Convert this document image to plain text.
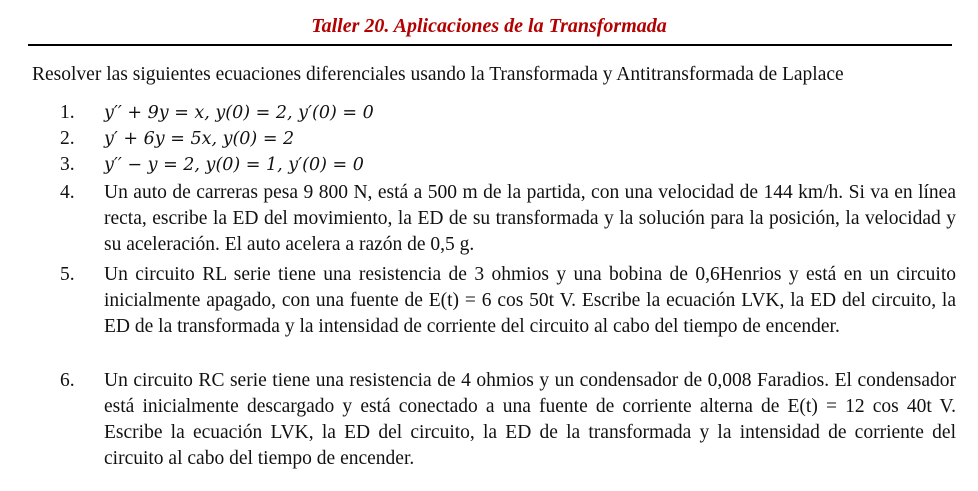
Taller 20. Aplicaciones de la Transformada
Resolver las siguientes ecuaciones diferenciales usando la Transformada y Antitransformada de Laplace
1.	y′′ + 9y = x, y(0) = 2, y′(0) = 0
2.	y′ + 6y = 5x, y(0) = 2
3.	y′′ − y = 2, y(0) = 1, y′(0) = 0
4.	Un auto de carreras pesa 9 800 N, está a 500 m de la partida, con una velocidad de 144 km/h. Si va en línea recta, escribe la ED del movimiento, la ED de su transformada y la solución para la posición, la velocidad y su aceleración. El auto acelera a razón de 0,5 g.
5.	Un circuito RL serie tiene una resistencia de 3 ohmios y una bobina de 0,6Henrios y está en un circuito inicialmente apagado, con una fuente de E(t) = 6 cos 50t V. Escribe la ecuación LVK, la ED del circuito, la ED de la transformada y la intensidad de corriente del circuito al cabo del tiempo de encender.
6.	Un circuito RC serie tiene una resistencia de 4 ohmios y un condensador de 0,008 Faradios. El condensador está inicialmente descargado y está conectado a una fuente de corriente alterna de E(t) = 12 cos 40t V. Escribe la ecuación LVK, la ED del circuito, la ED de la transformada y la intensidad de corriente del circuito al cabo del tiempo de encender.
